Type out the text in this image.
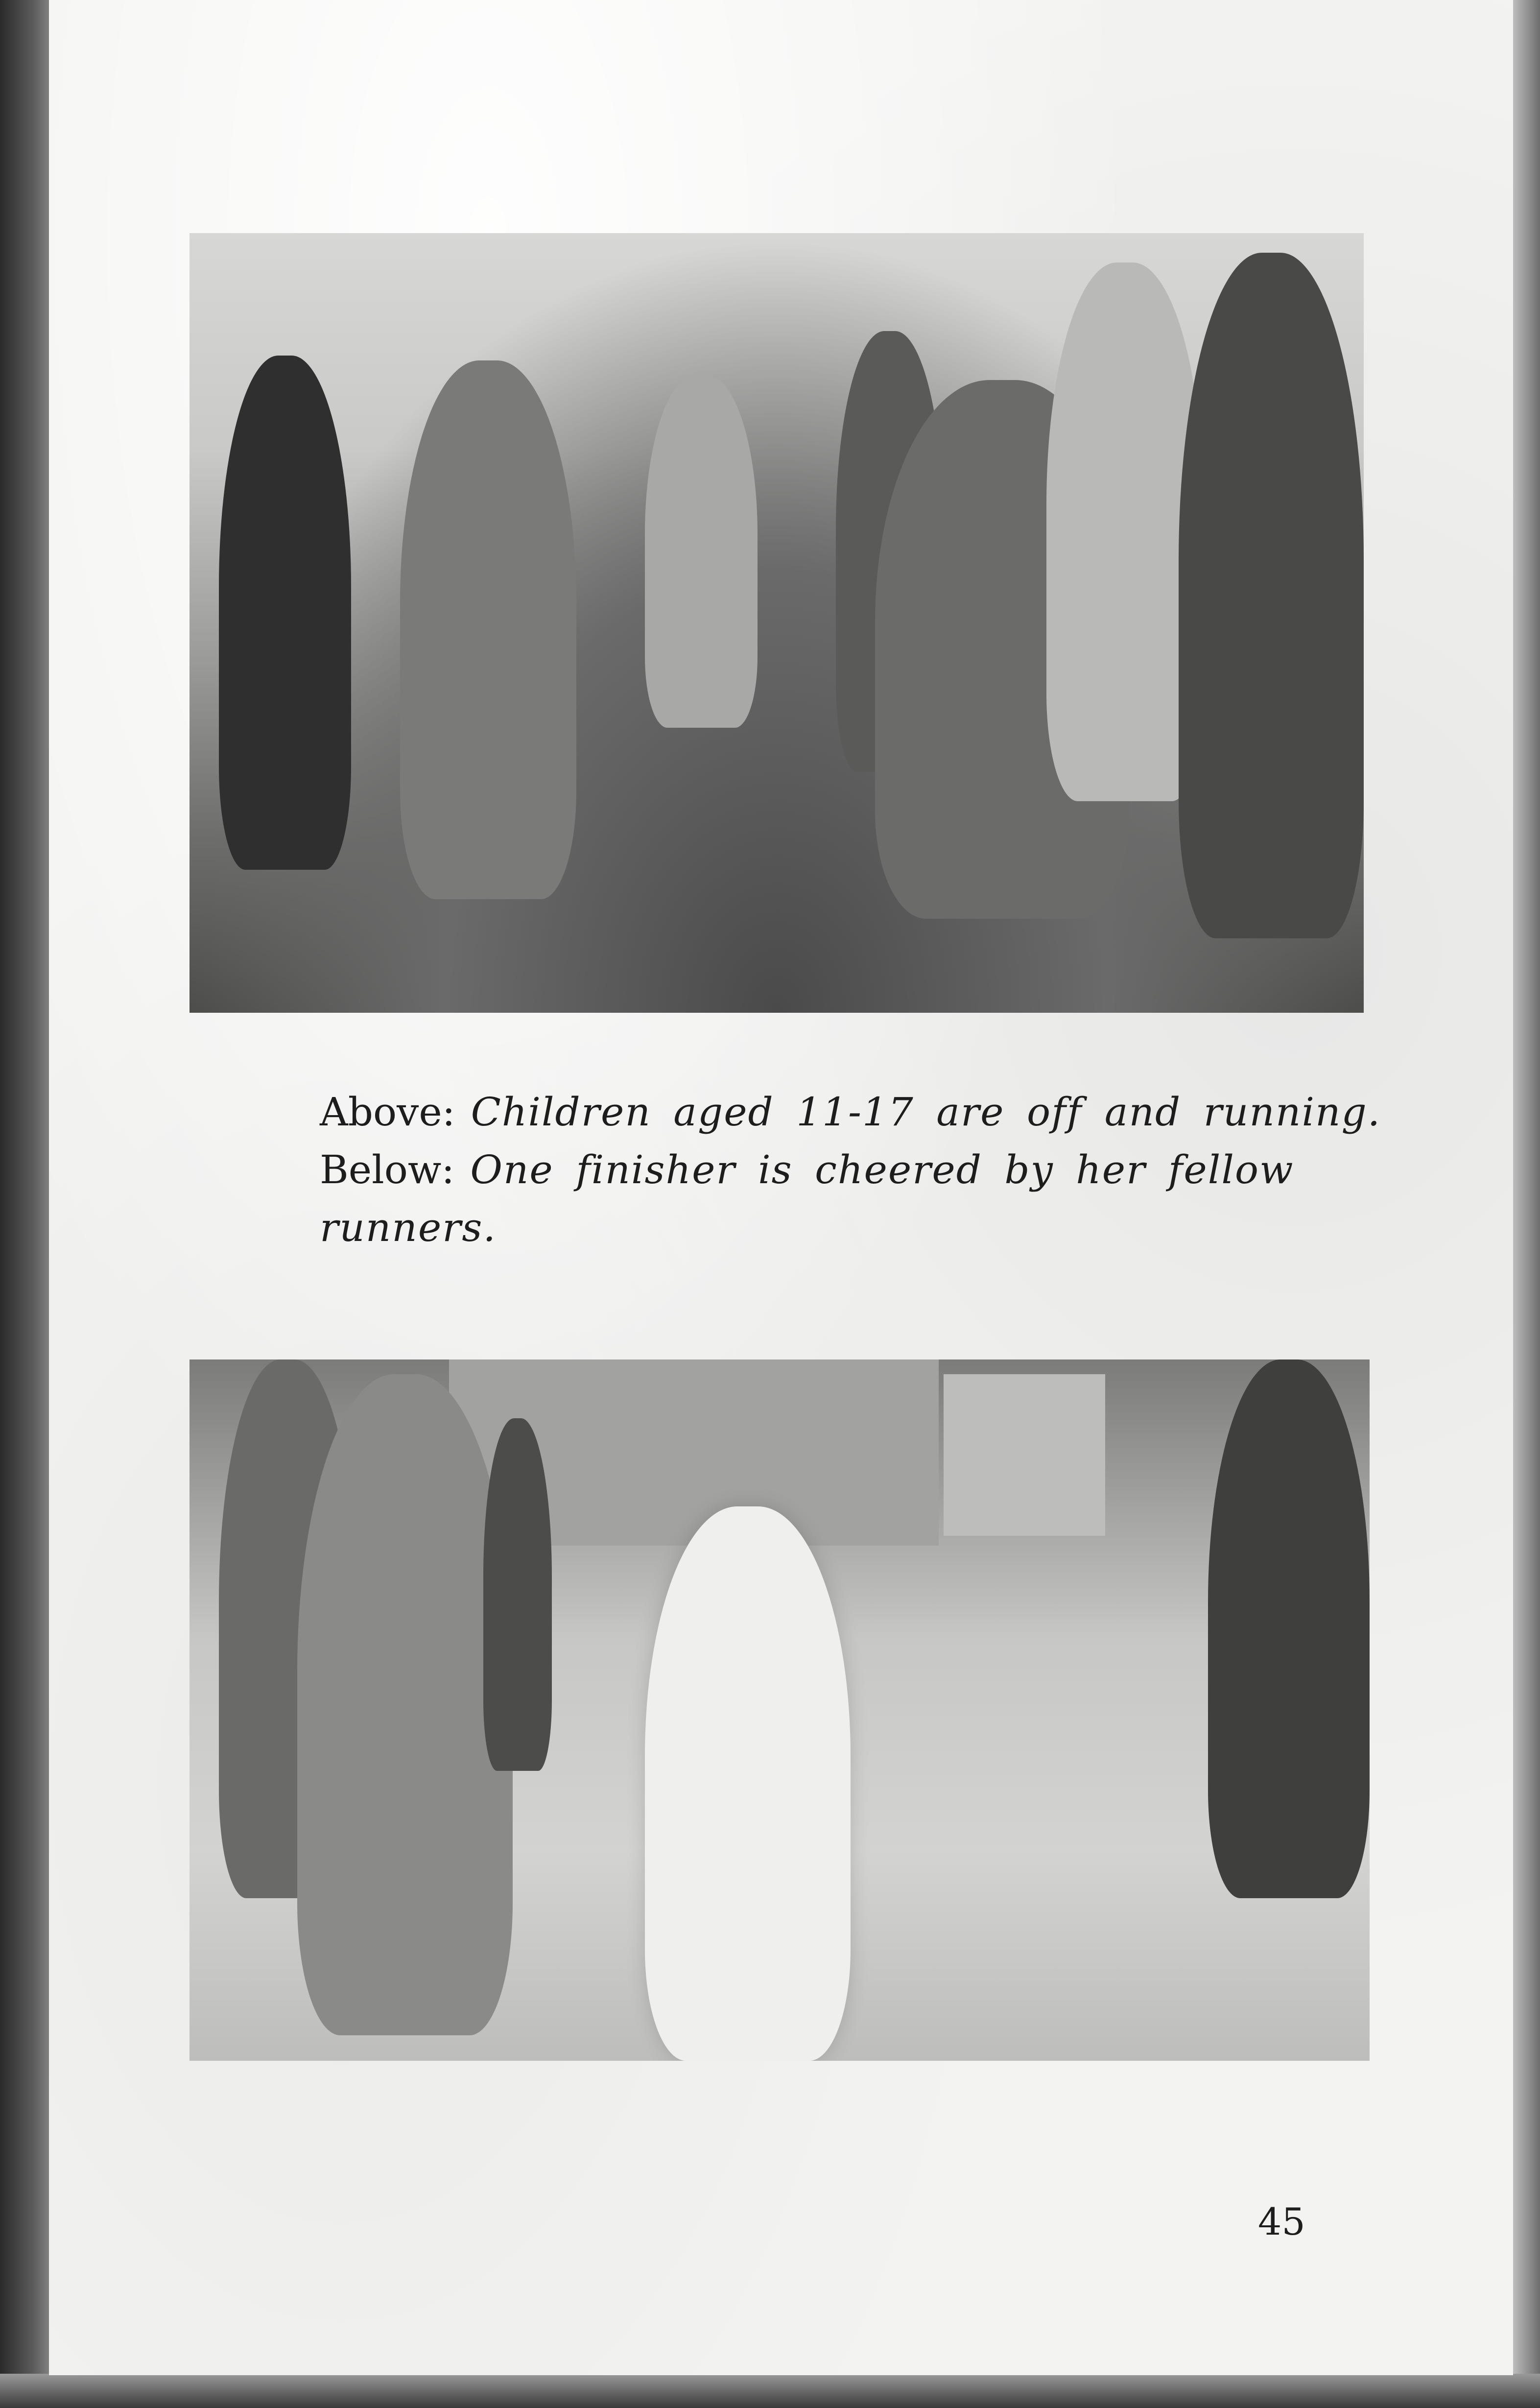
Above: Children aged 11-17 are off and running.
Below: One finisher is cheered by her fellow
runners.
45
